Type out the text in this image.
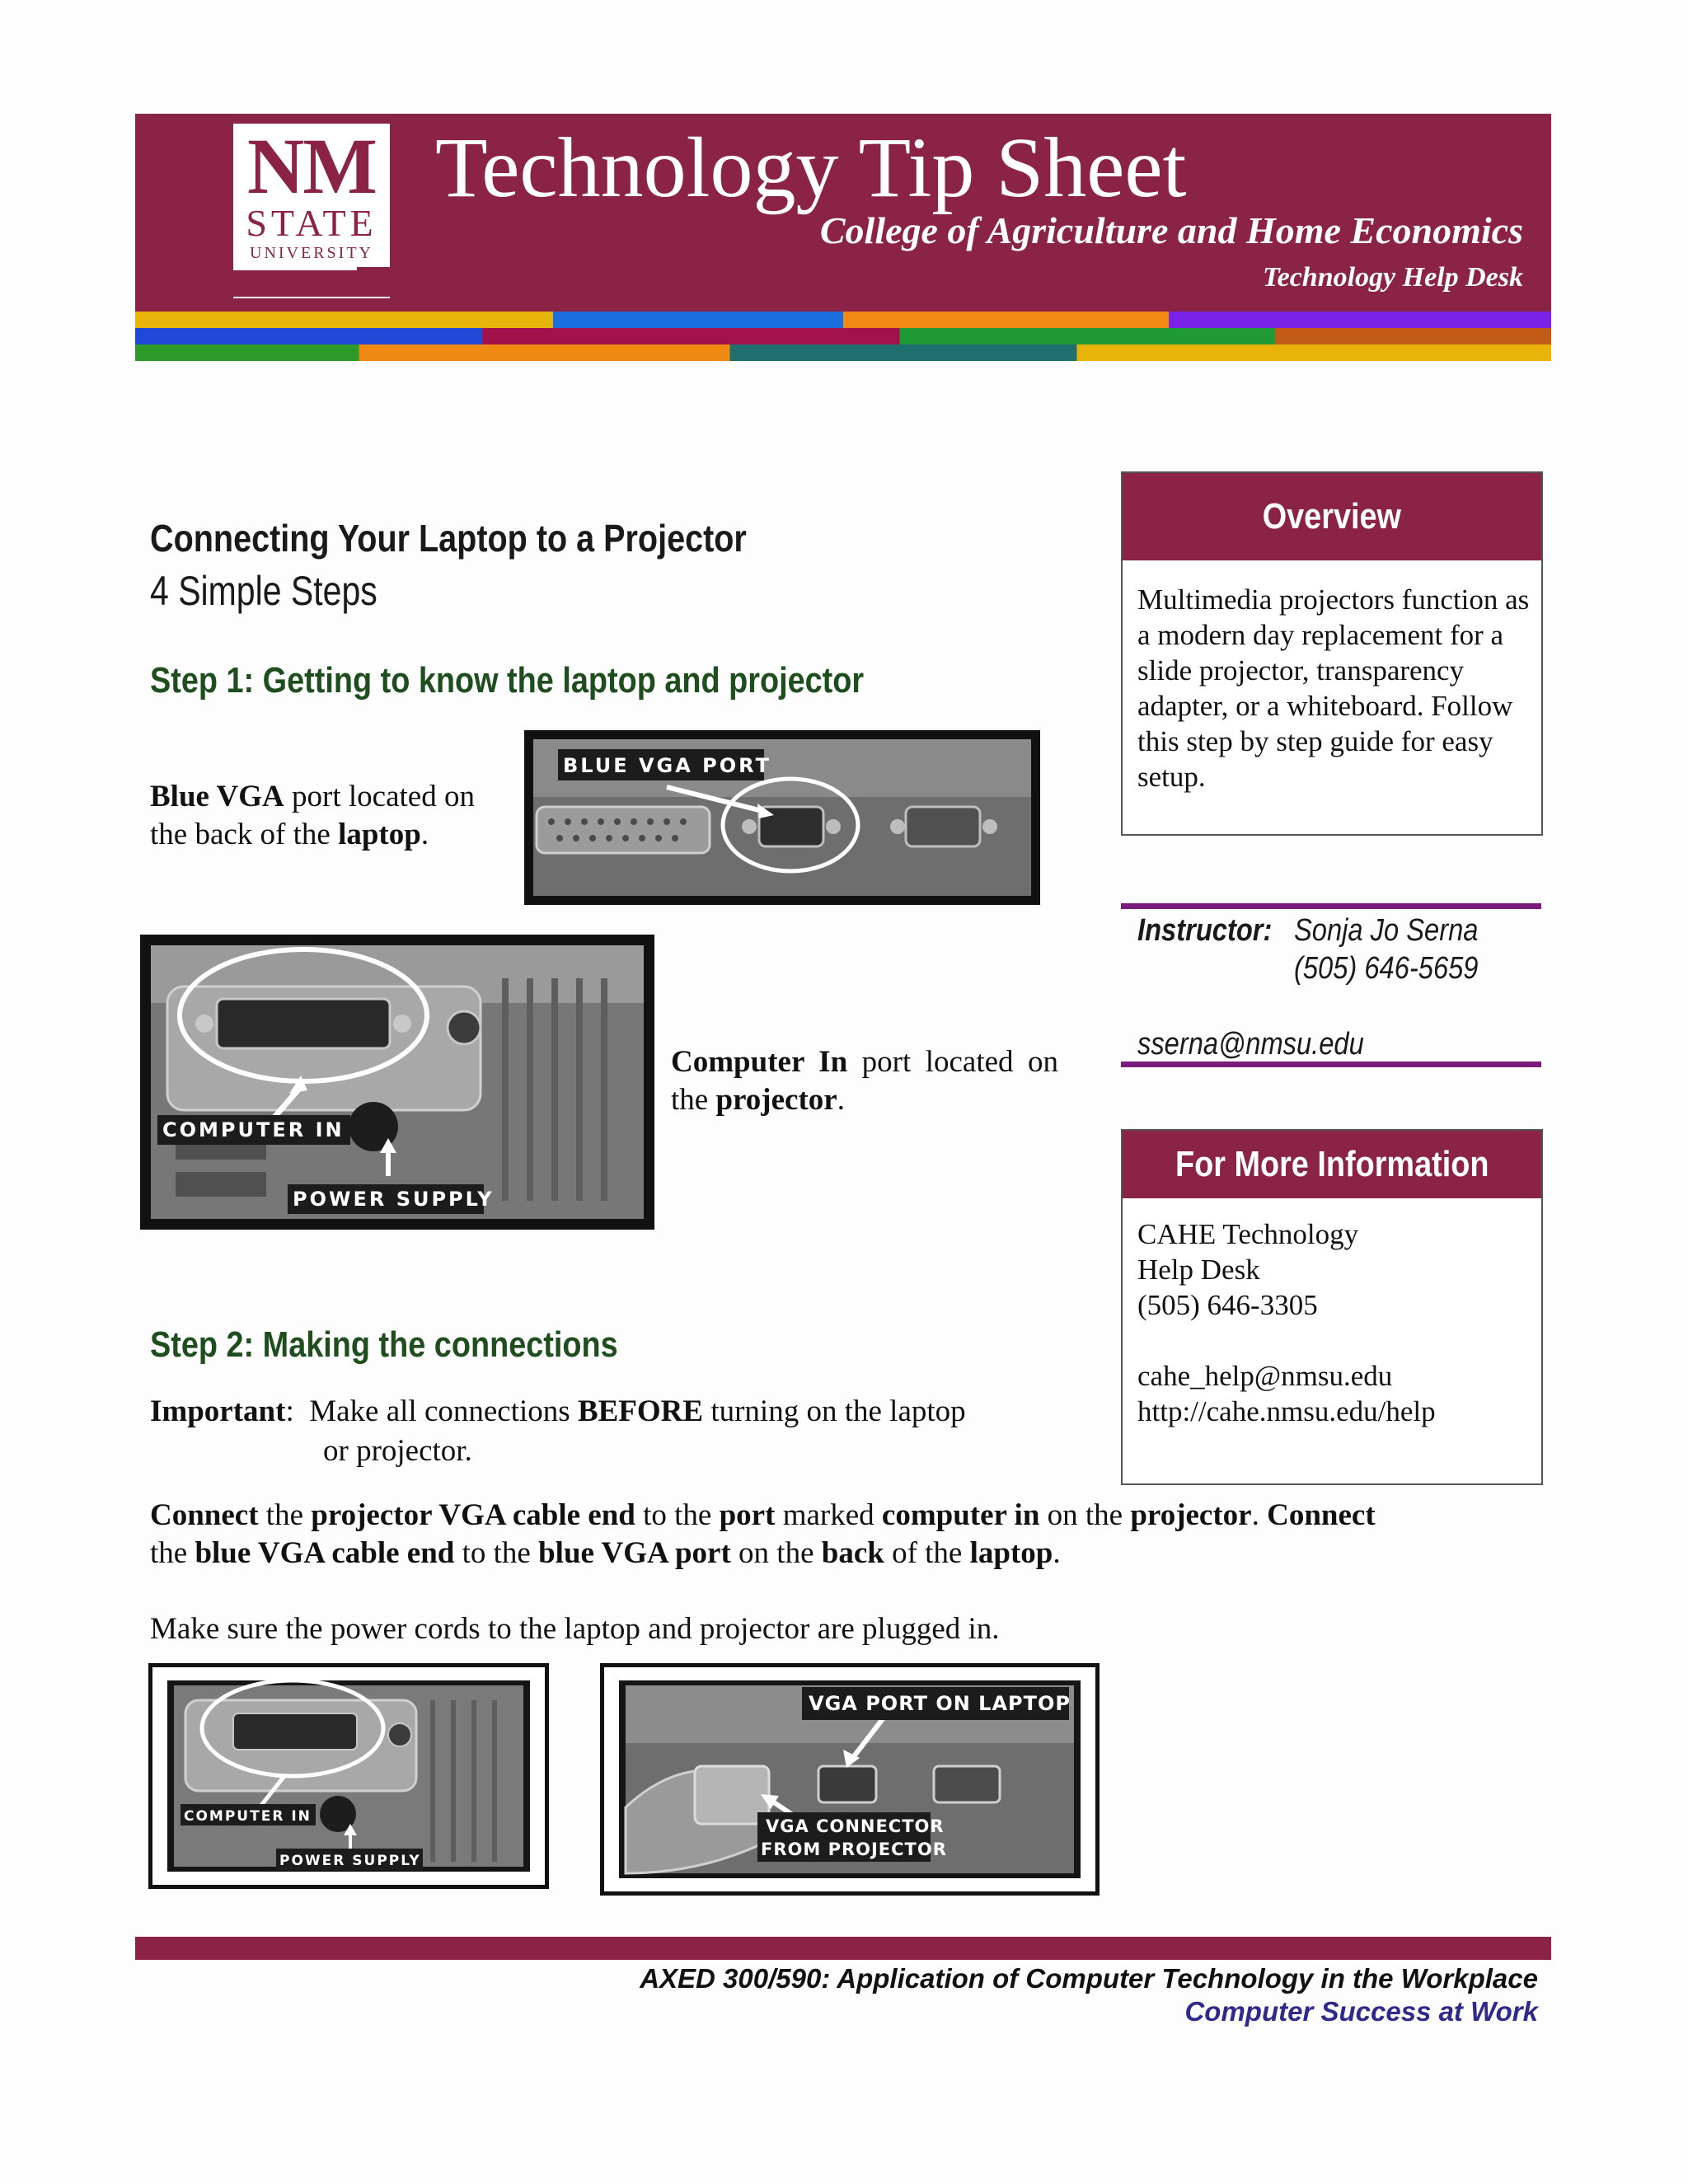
NM
STATE
UNIVERSITY
Technology Tip Sheet
College of Agriculture and Home Economics
Technology Help Desk
Connecting Your Laptop to a Projector
4 Simple Steps
Step 1: Getting to know the laptop and projector
Blue VGA port located on the back of the laptop.
BLUE VGA PORT
COMPUTER IN
POWER SUPPLY
Computer In port located on the projector.
Step 2: Making the connections
Important:  Make all connections BEFORE turning on the laptop
or projector.
Connect the projector VGA cable end to the port marked computer in on the projector. Connect
the blue VGA cable end to the blue VGA port on the back of the laptop.
Make sure the power cords to the laptop and projector are plugged in.
COMPUTER IN
POWER SUPPLY
VGA PORT ON LAPTOP
VGA CONNECTOR
FROM PROJECTOR
Overview
Multimedia projectors function as a modern day replacement for a slide projector, transparency adapter, or a whiteboard. Follow this step by step guide for easy setup.
Instructor: Sonja Jo Serna
(505) 646-5659
sserna@nmsu.edu
For More Information
CAHE Technology
Help Desk
(505) 646-3305
cahe_help@nmsu.edu
http://cahe.nmsu.edu/help
AXED 300/590: Application of Computer Technology in the Workplace
Computer Success at Work
